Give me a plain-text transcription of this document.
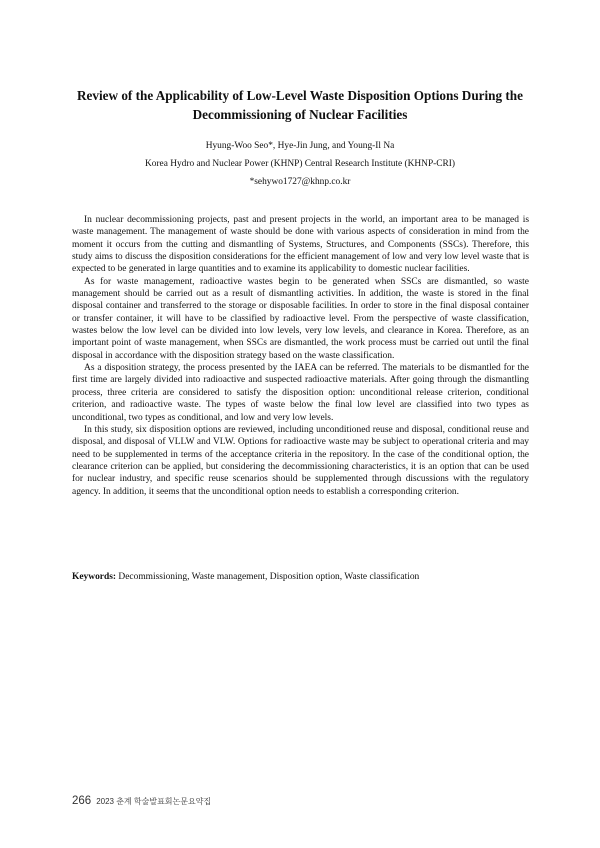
Review of the Applicability of Low-Level Waste Disposition Options During the
Decommissioning of Nuclear Facilities
Hyung-Woo Seo*, Hye-Jin Jung, and Young-Il Na
Korea Hydro and Nuclear Power (KHNP) Central Research Institute (KHNP-CRI)
*sehywo1727@khnp.co.kr

In nuclear decommissioning projects, past and present projects in the world, an important area to be managed is waste management. The management of waste should be done with various aspects of consideration in mind from the moment it occurs from the cutting and dismantling of Systems, Structures, and Components (SSCs). Therefore, this study aims to discuss the disposition considerations for the efficient management of low and very low level waste that is expected to be generated in large quantities and to examine its applicability to domestic nuclear facilities.

As for waste management, radioactive wastes begin to be generated when SSCs are dismantled, so waste management should be carried out as a result of dismantling activities. In addition, the waste is stored in the final disposal container and transferred to the storage or disposable facilities. In order to store in the final disposal container or transfer container, it will have to be classified by radioactive level. From the perspective of waste classification, wastes below the low level can be divided into low levels, very low levels, and clearance in Korea. Therefore, as an important point of waste management, when SSCs are dismantled, the work process must be carried out until the final disposal in accordance with the disposition strategy based on the waste classification.

As a disposition strategy, the process presented by the IAEA can be referred. The materials to be dismantled for the first time are largely divided into radioactive and suspected radioactive materials. After going through the dismantling process, three criteria are considered to satisfy the disposition option: unconditional release criterion, conditional criterion, and radioactive waste. The types of waste below the final low level are classified into two types as unconditional, two types as conditional, and low and very low levels.

In this study, six disposition options are reviewed, including unconditioned reuse and disposal, conditional reuse and disposal, and disposal of VLLW and VLW. Options for radioactive waste may be subject to operational criteria and may need to be supplemented in terms of the acceptance criteria in the repository. In the case of the conditional option, the clearance criterion can be applied, but considering the decommissioning characteristics, it is an option that can be used for nuclear industry, and specific reuse scenarios should be supplemented through discussions with the regulatory agency. In addition, it seems that the unconditional option needs to establish a corresponding criterion.

Keywords: Decommissioning, Waste management, Disposition option, Waste classification
266 2023 춘계 학술발표회논문요약집
